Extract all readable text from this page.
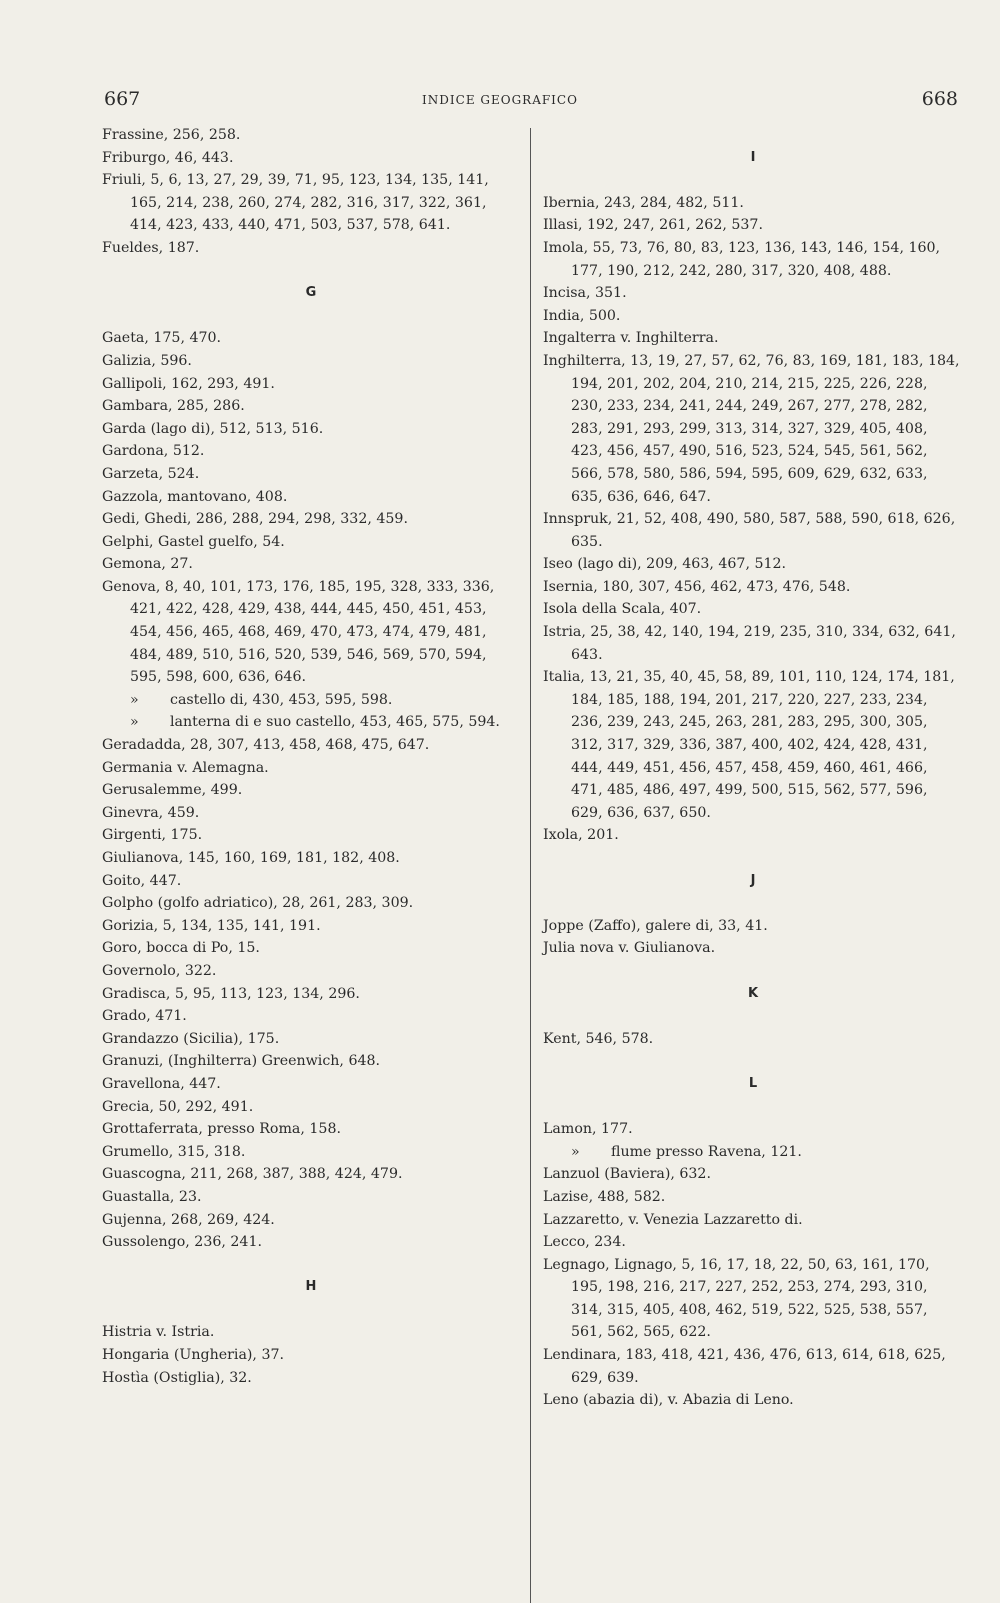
667	INDICE GEOGRAFICO	668

Frassine, 256, 258.

Friburgo, 46, 443.

Friuli, 5, 6, 13, 27, 29, 39, 71, 95, 123, 134, 135, 141, 165, 214, 238, 260, 274, 282, 316, 317, 322, 361, 414, 423, 433, 440, 471, 503, 537, 578, 641.

Fueldes, 187.

G

Gaeta, 175, 470.

Galizia, 596.

Gallipoli, 162, 293, 491.

Gambara, 285, 286.

Garda (lago di), 512, 513, 516.

Gardona, 512.

Garzeta, 524.

Gazzola, mantovano, 408.

Gedi, Ghedi, 286, 288, 294, 298, 332, 459.

Gelphi, Gastel guelfo, 54.

Gemona, 27.

Genova, 8, 40, 101, 173, 176, 185, 195, 328, 333, 336, 421, 422, 428, 429, 438, 444, 445, 450, 451, 453, 454, 456, 465, 468, 469, 470, 473, 474, 479, 481, 484, 489, 510, 516, 520, 539, 546, 569, 570, 594, 595, 598, 600, 636, 646.

» castello di, 430, 453, 595, 598.

» lanterna di e suo castello, 453, 465, 575, 594.

Geradadda, 28, 307, 413, 458, 468, 475, 647.

Germania v. Alemagna.

Gerusalemme, 499.

Ginevra, 459.

Girgenti, 175.

Giulianova, 145, 160, 169, 181, 182, 408.

Goito, 447.

Golpho (golfo adriatico), 28, 261, 283, 309.

Gorizia, 5, 134, 135, 141, 191.

Goro, bocca di Po, 15.

Governolo, 322.

Gradisca, 5, 95, 113, 123, 134, 296.

Grado, 471.

Grandazzo (Sicilia), 175.

Granuzi, (Inghilterra) Greenwich, 648.

Gravellona, 447.

Grecia, 50, 292, 491.

Grottaferrata, presso Roma, 158.

Grumello, 315, 318.

Guascogna, 211, 268, 387, 388, 424, 479.

Guastalla, 23.

Gujenna, 268, 269, 424.

Gussolengo, 236, 241.

H

Histria v. Istria.

Hongaria (Ungheria), 37.

Hostìa (Ostiglia), 32.

I

Ibernia, 243, 284, 482, 511.

Illasi, 192, 247, 261, 262, 537.

Imola, 55, 73, 76, 80, 83, 123, 136, 143, 146, 154, 160, 177, 190, 212, 242, 280, 317, 320, 408, 488.

Incisa, 351.

India, 500.

Ingalterra v. Inghilterra.

Inghilterra, 13, 19, 27, 57, 62, 76, 83, 169, 181, 183, 184, 194, 201, 202, 204, 210, 214, 215, 225, 226, 228, 230, 233, 234, 241, 244, 249, 267, 277, 278, 282, 283, 291, 293, 299, 313, 314, 327, 329, 405, 408, 423, 456, 457, 490, 516, 523, 524, 545, 561, 562, 566, 578, 580, 586, 594, 595, 609, 629, 632, 633, 635, 636, 646, 647.

Innspruk, 21, 52, 408, 490, 580, 587, 588, 590, 618, 626, 635.

Iseo (lago di), 209, 463, 467, 512.

Isernia, 180, 307, 456, 462, 473, 476, 548.

Isola della Scala, 407.

Istria, 25, 38, 42, 140, 194, 219, 235, 310, 334, 632, 641, 643.

Italia, 13, 21, 35, 40, 45, 58, 89, 101, 110, 124, 174, 181, 184, 185, 188, 194, 201, 217, 220, 227, 233, 234, 236, 239, 243, 245, 263, 281, 283, 295, 300, 305, 312, 317, 329, 336, 387, 400, 402, 424, 428, 431, 444, 449, 451, 456, 457, 458, 459, 460, 461, 466, 471, 485, 486, 497, 499, 500, 515, 562, 577, 596, 629, 636, 637, 650.

Ixola, 201.

J

Joppe (Zaffo), galere di, 33, 41.

Julia nova v. Giulianova.

K

Kent, 546, 578.

L

Lamon, 177.

» flume presso Ravena, 121.

Lanzuol (Baviera), 632.

Lazise, 488, 582.

Lazzaretto, v. Venezia Lazzaretto di.

Lecco, 234.

Legnago, Lignago, 5, 16, 17, 18, 22, 50, 63, 161, 170, 195, 198, 216, 217, 227, 252, 253, 274, 293, 310, 314, 315, 405, 408, 462, 519, 522, 525, 538, 557, 561, 562, 565, 622.

Lendinara, 183, 418, 421, 436, 476, 613, 614, 618, 625, 629, 639.

Leno (abazia di), v. Abazia di Leno.
